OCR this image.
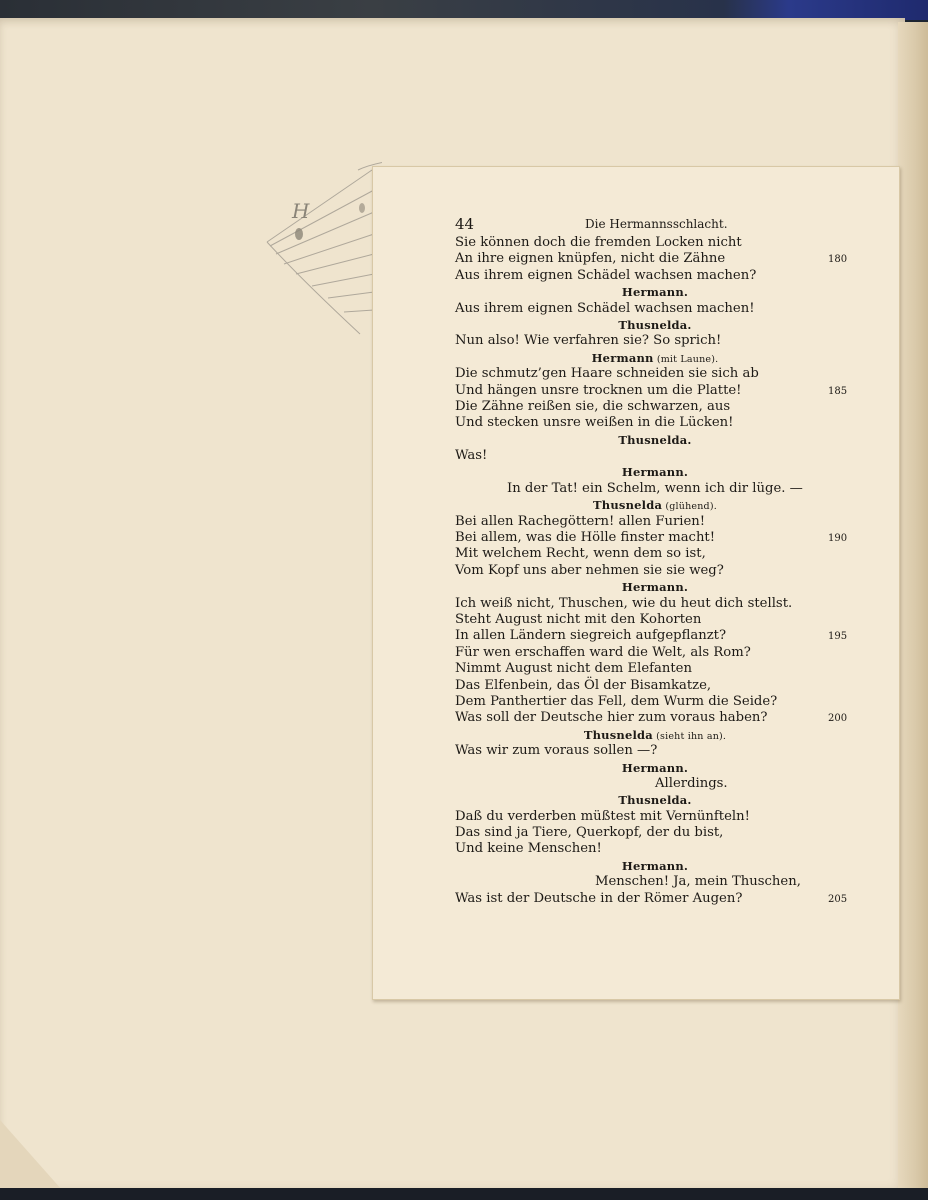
H
44	Die Hermannsschlacht.
Sie können doch die fremden Locken nicht
An ihre eignen knüpfen, nicht die Zähne	180
Aus ihrem eignen Schädel wachsen machen?
Hermann.
Aus ihrem eignen Schädel wachsen machen!
Thusnelda.
Nun also! Wie verfahren sie? So sprich!
Hermann (mit Laune).
Die schmutz’gen Haare schneiden sie sich ab
Und hängen unsre trocknen um die Platte!	185
Die Zähne reißen sie, die schwarzen, aus
Und stecken unsre weißen in die Lücken!
Thusnelda.
Was!
Hermann.
In der Tat! ein Schelm, wenn ich dir lüge. —
Thusnelda (glühend).
Bei allen Rachegöttern! allen Furien!
Bei allem, was die Hölle finster macht!	190
Mit welchem Recht, wenn dem so ist,
Vom Kopf uns aber nehmen sie sie weg?
Hermann.
Ich weiß nicht, Thuschen, wie du heut dich stellst.
Steht August nicht mit den Kohorten
In allen Ländern siegreich aufgepflanzt?	195
Für wen erschaffen ward die Welt, als Rom?
Nimmt August nicht dem Elefanten
Das Elfenbein, das Öl der Bisamkatze,
Dem Panthertier das Fell, dem Wurm die Seide?
Was soll der Deutsche hier zum voraus haben?	200
Thusnelda (sieht ihn an).
Was wir zum voraus sollen —?
Hermann.
Allerdings.
Thusnelda.
Daß du verderben müßtest mit Vernünfteln!
Das sind ja Tiere, Querkopf, der du bist,
Und keine Menschen!
Hermann.
Menschen! Ja, mein Thuschen,
Was ist der Deutsche in der Römer Augen?	205
